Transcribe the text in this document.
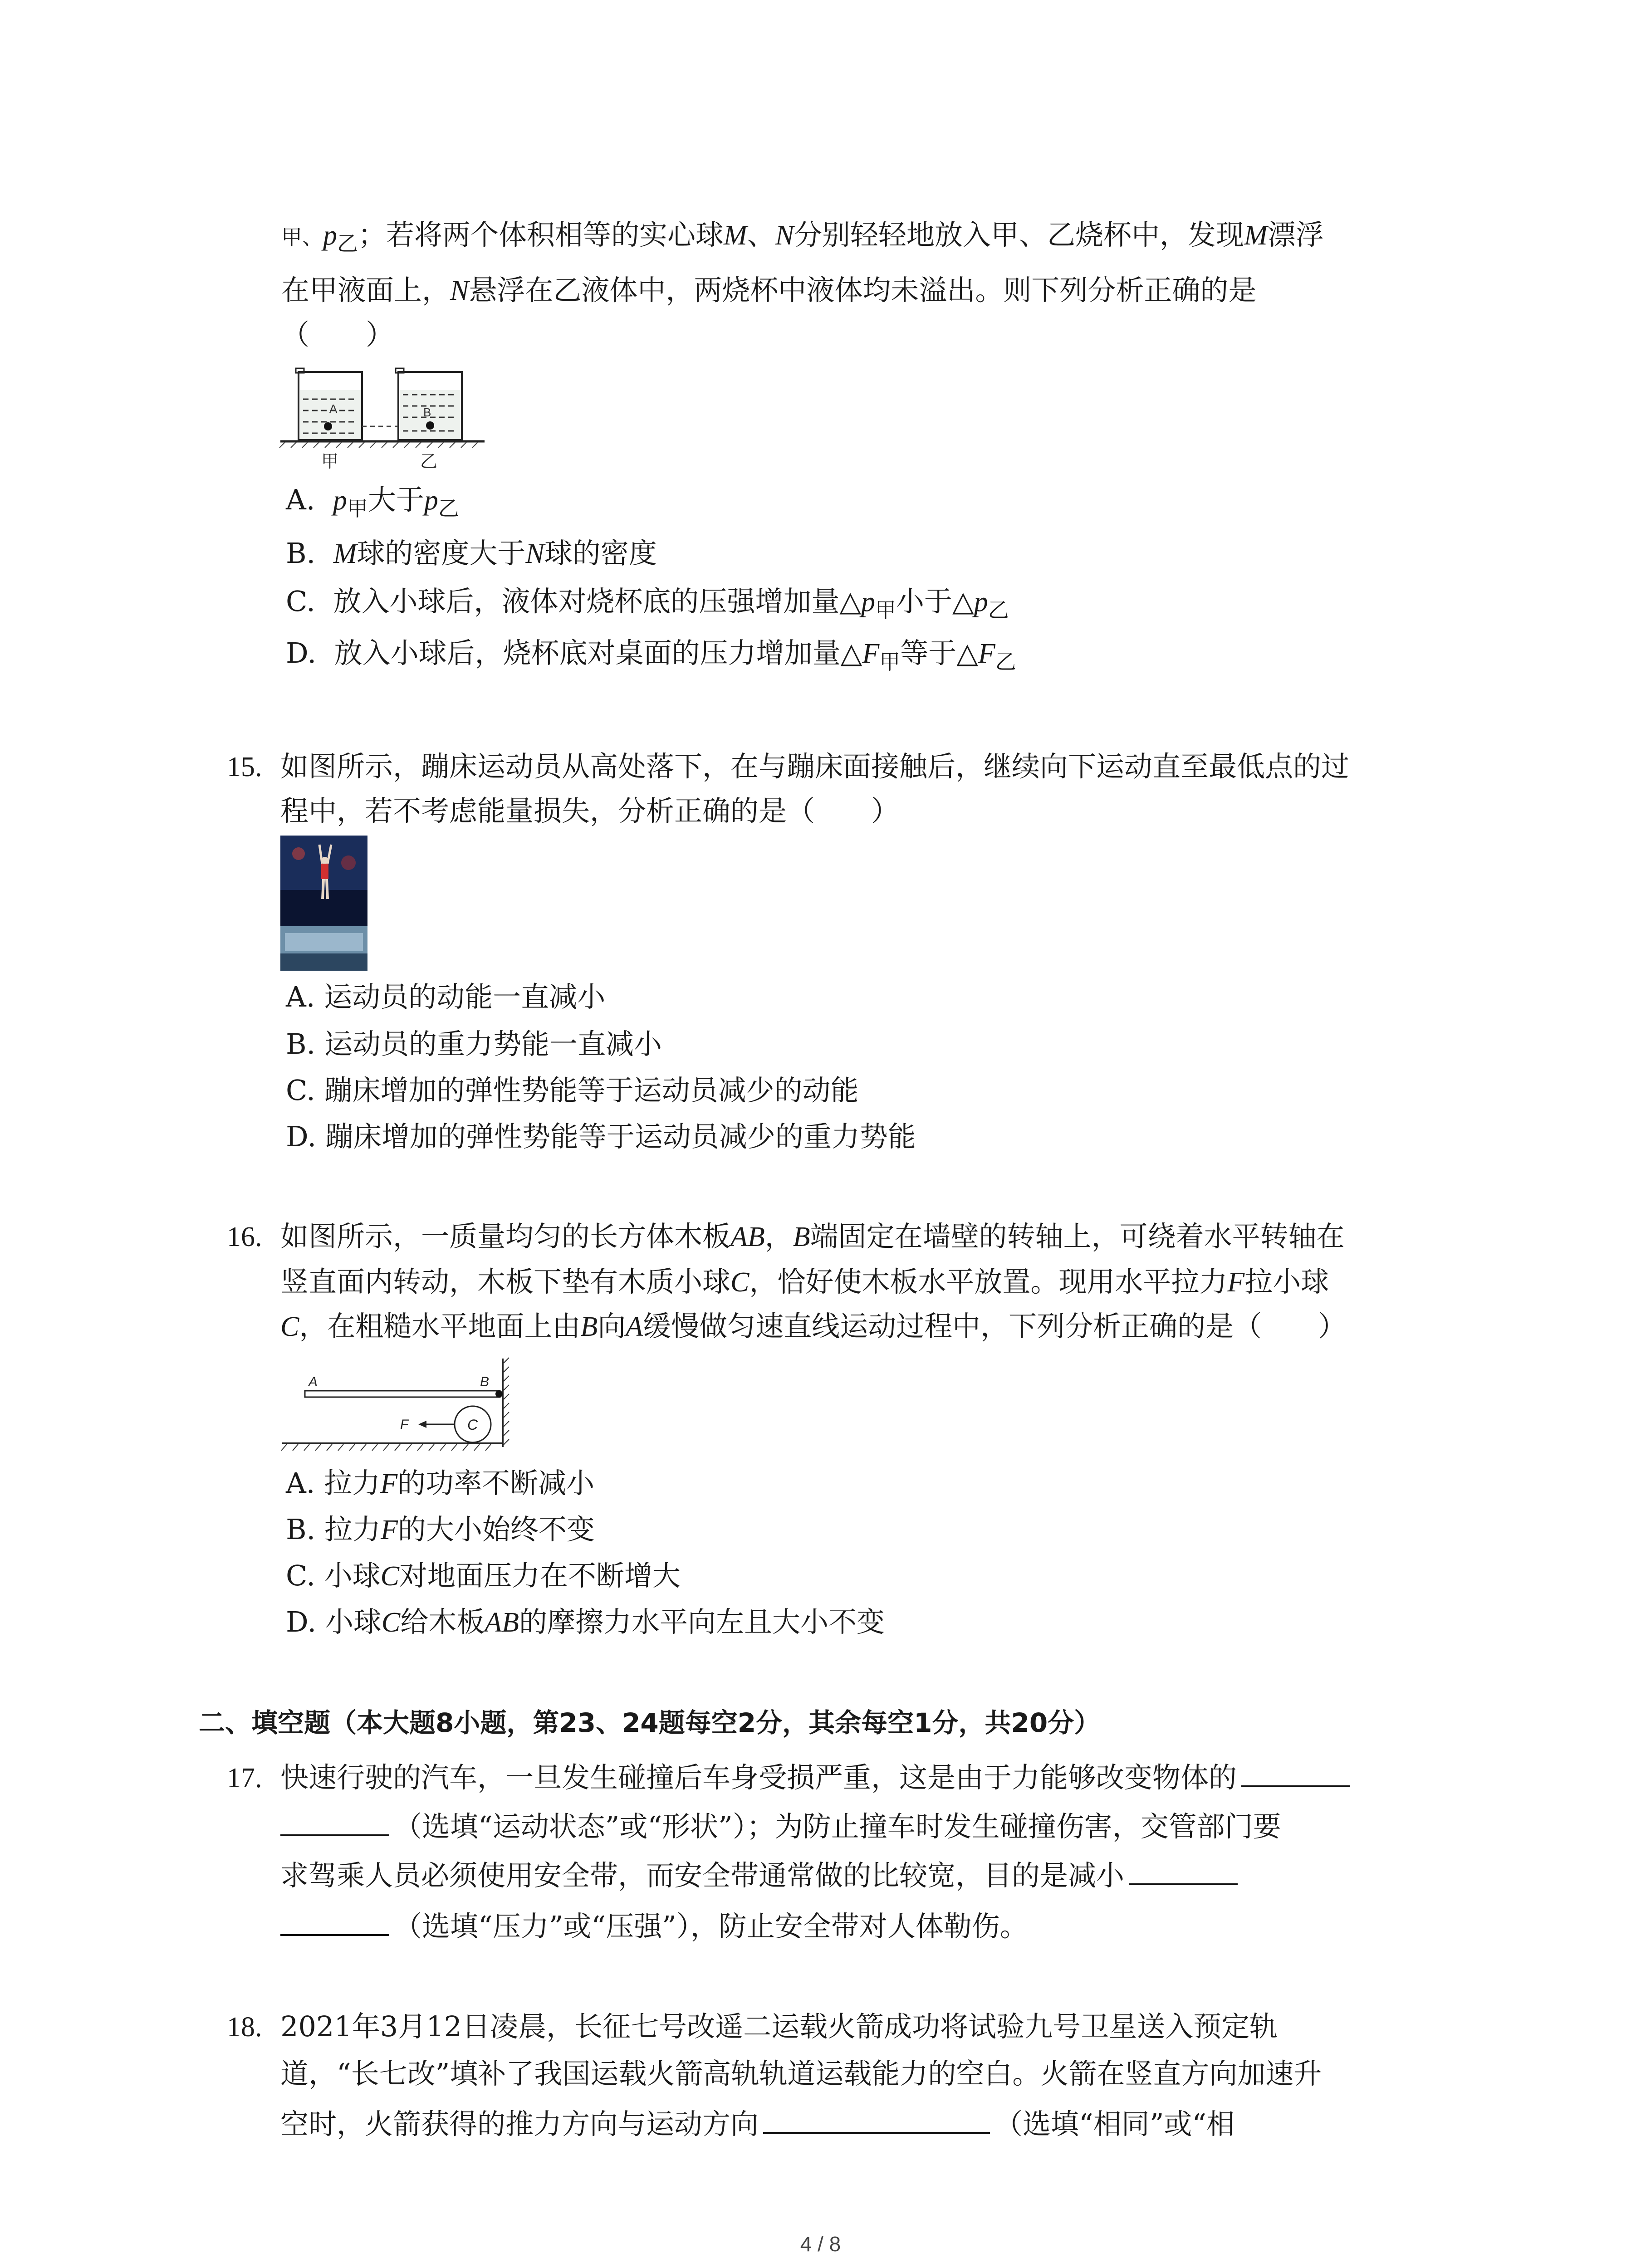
甲、$p_乙$；若将两个体积相等的实心球M、N分别轻轻地放入甲、乙烧杯中，发现M漂浮
在甲液面上，N悬浮在乙液体中，两烧杯中液体均未溢出。则下列分析正确的是
（　　）
A	B
甲	乙
A. $p_甲$大于$p_乙$
B. M球的密度大于N球的密度
C. 放入小球后，液体对烧杯底的压强增加量$\triangle p_甲$小于$\triangle p_乙$
D. 放入小球后，烧杯底对桌面的压力增加量$\triangle F_甲$等于$\triangle F_乙$
15. 如图所示，蹦床运动员从高处落下，在与蹦床面接触后，继续向下运动直至最低点的过
程中，若不考虑能量损失，分析正确的是（　　）
A. 运动员的动能一直减小
B. 运动员的重力势能一直减小
C. 蹦床增加的弹性势能等于运动员减少的动能
D. 蹦床增加的弹性势能等于运动员减少的重力势能
16. 如图所示，一质量均匀的长方体木板AB，B端固定在墙壁的转轴上，可绕着水平转轴在
竖直面内转动，木板下垫有木质小球C，恰好使木板水平放置。现用水平拉力F拉小球
C，在粗糙水平地面上由B向A缓慢做匀速直线运动过程中，下列分析正确的是（　　）
A	B
F	C
A. 拉力F的功率不断减小
B. 拉力F的大小始终不变
C. 小球C对地面压力在不断增大
D. 小球C给木板AB的摩擦力水平向左且大小不变
二、填空题（本大题8小题，第23、24题每空2分，其余每空1分，共20分）
17. 快速行驶的汽车，一旦发生碰撞后车身受损严重，这是由于力能够改变物体的
（选填“运动状态”或“形状”）；为防止撞车时发生碰撞伤害，交管部门要
求驾乘人员必须使用安全带，而安全带通常做的比较宽，目的是减小
（选填“压力”或“压强”），防止安全带对人体勒伤。
18. 2021年3月12日凌晨，长征七号改遥二运载火箭成功将试验九号卫星送入预定轨
道，“长七改”填补了我国运载火箭高轨轨道运载能力的空白。火箭在竖直方向加速升
空时，火箭获得的推力方向与运动方向	（选填“相同”或“相
4 / 8
